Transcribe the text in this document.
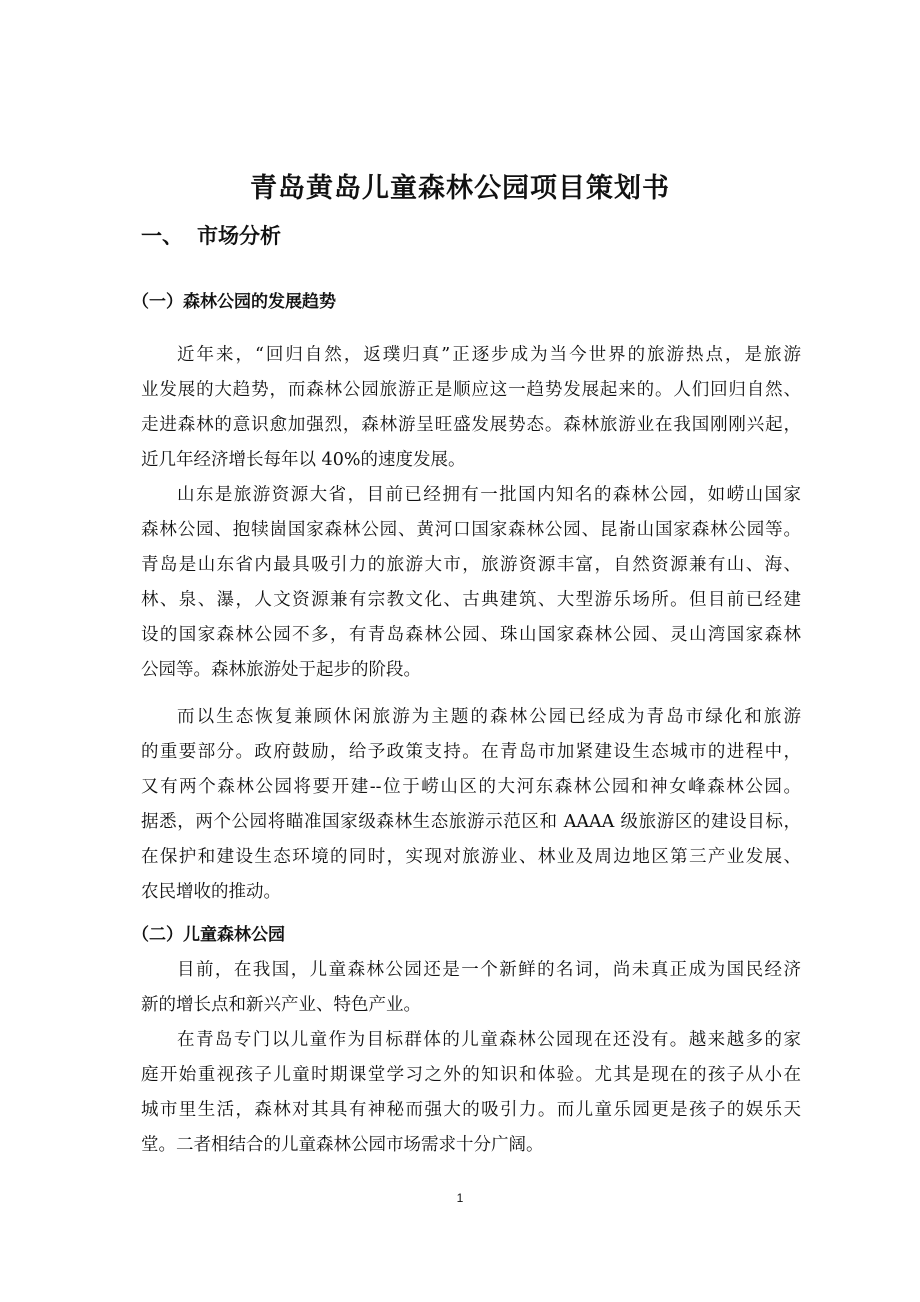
青岛黄岛儿童森林公园项目策划书
一、 市场分析
（一）森林公园的发展趋势
近年来，“回归自然，返璞归真”正逐步成为当今世界的旅游热点，是旅游
业发展的大趋势，而森林公园旅游正是顺应这一趋势发展起来的。人们回归自然、
走进森林的意识愈加强烈，森林游呈旺盛发展势态。森林旅游业在我国刚刚兴起，
近几年经济增长每年以 40%的速度发展。
山东是旅游资源大省，目前已经拥有一批国内知名的森林公园，如崂山国家
森林公园、抱犊崮国家森林公园、黄河口国家森林公园、昆嵛山国家森林公园等。
青岛是山东省内最具吸引力的旅游大市，旅游资源丰富，自然资源兼有山、海、
林、泉、瀑，人文资源兼有宗教文化、古典建筑、大型游乐场所。但目前已经建
设的国家森林公园不多，有青岛森林公园、珠山国家森林公园、灵山湾国家森林
公园等。森林旅游处于起步的阶段。
而以生态恢复兼顾休闲旅游为主题的森林公园已经成为青岛市绿化和旅游
的重要部分。政府鼓励，给予政策支持。在青岛市加紧建设生态城市的进程中，
又有两个森林公园将要开建--位于崂山区的大河东森林公园和神女峰森林公园。
据悉，两个公园将瞄准国家级森林生态旅游示范区和 AAAA 级旅游区的建设目标，
在保护和建设生态环境的同时，实现对旅游业、林业及周边地区第三产业发展、
农民增收的推动。
（二）儿童森林公园
目前，在我国，儿童森林公园还是一个新鲜的名词，尚未真正成为国民经济
新的增长点和新兴产业、特色产业。
在青岛专门以儿童作为目标群体的儿童森林公园现在还没有。越来越多的家
庭开始重视孩子儿童时期课堂学习之外的知识和体验。尤其是现在的孩子从小在
城市里生活，森林对其具有神秘而强大的吸引力。而儿童乐园更是孩子的娱乐天
堂。二者相结合的儿童森林公园市场需求十分广阔。
1
